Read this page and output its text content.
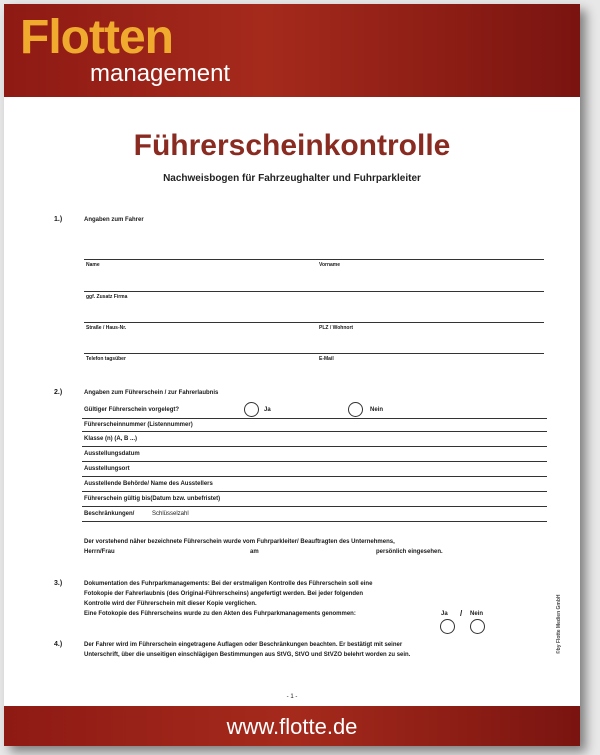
Flotten
management
Führerscheinkontrolle
Nachweisbogen für Fahrzeughalter und Fuhrparkleiter
1.)	Angaben zum Fahrer
Name	Vorname
ggf. Zusatz Firma
Straße / Haus-Nr.	PLZ / Wohnort
Telefon tagsüber	E-Mail
2.)	Angaben zum Führerschein / zur Fahrerlaubnis
Gültiger Führerschein vorgelegt?	Ja	Nein
Führerscheinnummer (Listennummer)
Klasse (n) (A, B ...)
Ausstellungsdatum
Ausstellungsort
Ausstellende Behörde/ Name des Ausstellers
Führerschein gültig bis(Datum bzw. unbefristet)
Beschränkungen/	Schlüsselzahl
Der vorstehend näher bezeichnete Führerschein wurde vom Fuhrparkleiter/ Beauftragten des Unternehmens,
Herrn/Frau	am	persönlich eingesehen.
3.)	Dokumentation des Fuhrparkmanagements: Bei der erstmaligen Kontrolle des Führerschein soll eine
Fotokopie der Fahrerlaubnis (des Original-Führerscheins) angefertigt werden. Bei jeder folgenden
Kontrolle wird der Führerschein mit dieser Kopie verglichen.
Eine Fotokopie des Führerscheins wurde zu den Akten des Fuhrparkmanagements genommen:	Ja / Nein
4.)	Der Fahrer wird im Führerschein eingetragene Auflagen oder Beschränkungen beachten. Er bestätigt mit seiner
Unterschrift, über die unseitigen einschlägigen Bestimmungen aus StVG, StVO und StVZO belehrt worden zu sein.
- 1 -
©by Flotte Medien GmbH
www.flotte.de
